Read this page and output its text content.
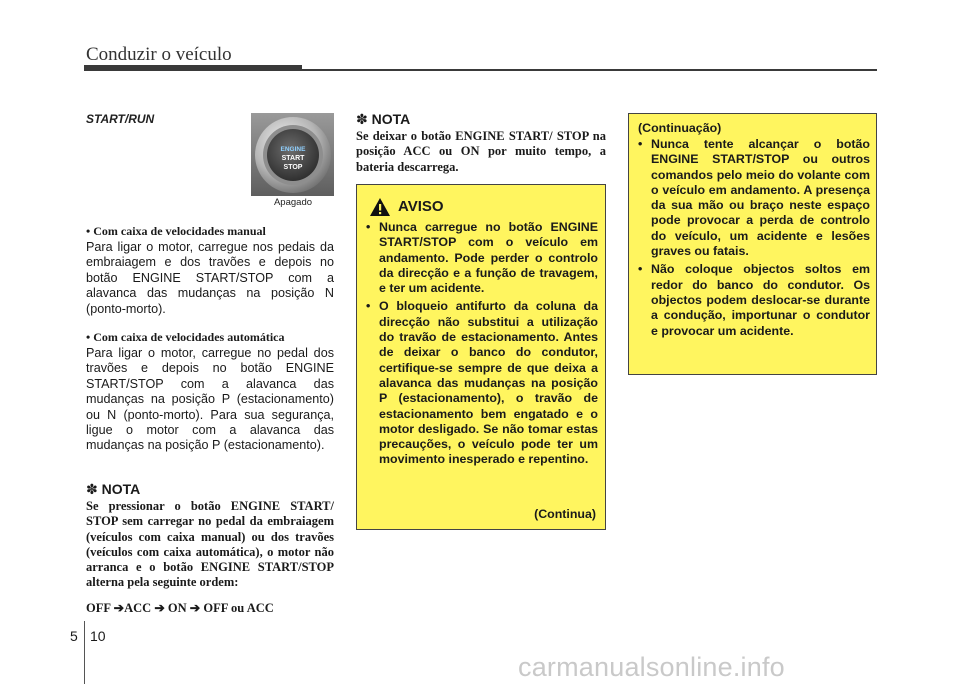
Conduzir o veículo
START/RUN
ENGINE
START
STOP
Apagado
• Com caixa de velocidades manual
Para ligar o motor, carregue nos pedais da embraiagem e dos travões e depois no botão ENGINE START/STOP com a alavanca das mudanças na posição N (ponto-morto).
• Com caixa de velocidades automática
Para ligar o motor, carregue no pedal dos travões e depois no botão ENGINE START/STOP com a alavanca das mudanças na posição P (estacionamento) ou N (ponto-morto). Para sua segurança, ligue o motor com a alavanca das mudanças na posição P (estacionamento).
✽ NOTA
Se pressionar o botão ENGINE START/ STOP sem carregar no pedal da embraiagem (veículos com caixa manual) ou dos travões (veículos com caixa automática), o motor não arranca e o botão ENGINE START/STOP alterna pela seguinte ordem:
OFF ➔ACC ➔ ON ➔ OFF ou ACC
✽ NOTA
Se deixar o botão ENGINE START/ STOP na posição ACC ou ON por muito tempo, a bateria descarrega.
AVISO
• Nunca carregue no botão ENGINE START/STOP com o veículo em andamento. Pode perder o controlo da direcção e a função de travagem, e ter um acidente.
• O bloqueio antifurto da coluna da direcção não substitui a utilização do travão de estacionamento. Antes de deixar o banco do condutor, certifique-se sempre de que deixa a alavanca das mudanças na posição P (estacionamento), o travão de estacionamento bem engatado e o motor desligado. Se não tomar estas precauções, o veículo pode ter um movimento inesperado e repentino.
(Continua)
(Continuação)
• Nunca tente alcançar o botão ENGINE START/STOP ou outros comandos pelo meio do volante com o veículo em andamento. A presença da sua mão ou braço neste espaço pode provocar a perda de controlo do veículo, um acidente e lesões graves ou fatais.
• Não coloque objectos soltos em redor do banco do condutor. Os objectos podem deslocar-se durante a condução, importunar o condutor e provocar um acidente.
5 10
carmanualsonline.info
